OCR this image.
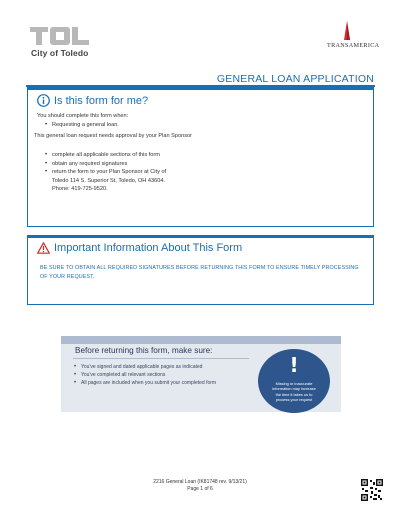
City of Toledo
TRANSAMERICA
GENERAL LOAN APPLICATION
Is this form for me?
You should complete this form when:
• Requesting a general loan.
This general loan request needs approval by your Plan Sponsor
• complete all applicable sections of this form
• obtain any required signatures
• return the form to your Plan Sponsor at City of
Toledo 114 S. Superior St, Toledo, OH 43604.
Phone: 419-725-9520.
Important Information About This Form
BE SURE TO OBTAIN ALL REQUIRED SIGNATURES BEFORE RETURNING THIS FORM TO ENSURE TIMELY PROCESSING
OF YOUR REQUEST.
Before returning this form, make sure:
• You've signed and dated applicable pages as indicated
• You've completed all relevant sections
• All pages are included when you submit your completed form
!
Missing or inaccurate
information may increase
the time it takes us to
process your request
2216 General Loan (IK81748 rev. 9/13/21)
Page 1 of 6
